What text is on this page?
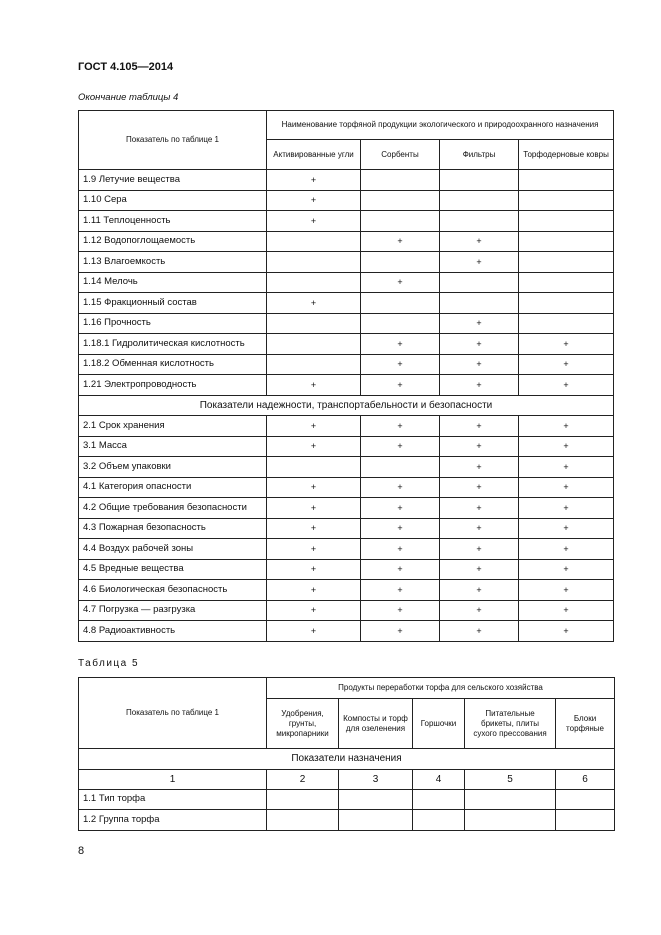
ГОСТ 4.105—2014
Окончание таблицы 4
Показатель по таблице 1	Наименование торфяной продукции экологического и природоохранного назначения			
	Активированные угли	Сорбенты	Фильтры	Торфодерновые ковры
1.9 Летучие вещества	+			
1.10 Сера	+			
1.11 Теплоценность	+			
1.12 Водопоглощаемость		+	+	
1.13 Влагоемкость			+	
1.14 Мелочь		+		
1.15 Фракционный состав	+			
1.16 Прочность			+	
1.18.1 Гидролитическая кислотность		+	+	+
1.18.2 Обменная кислотность		+	+	+
1.21 Электропроводность	+	+	+	+
Показатели надежности, транспортабельности и безопасности				
2.1 Срок хранения	+	+	+	+
3.1 Масса	+	+	+	+
3.2 Объем упаковки			+	+
4.1 Категория опасности	+	+	+	+
4.2 Общие требования безопасности	+	+	+	+
4.3 Пожарная безопасность	+	+	+	+
4.4 Воздух рабочей зоны	+	+	+	+
4.5 Вредные вещества	+	+	+	+
4.6 Биологическая безопасность	+	+	+	+
4.7 Погрузка — разгрузка	+	+	+	+
4.8 Радиоактивность	+	+	+	+
Таблица 5
Показатель по таблице 1	Продукты переработки торфа для сельского хозяйства				
	Удобрения, грунты, микропарники	Компосты и торф для озеленения	Горшочки	Питательные брикеты, плиты сухого прессования	Блоки торфяные
Показатели назначения					
1	2	3	4	5	6
1.1 Тип торфа					
1.2 Группа торфа					
8
